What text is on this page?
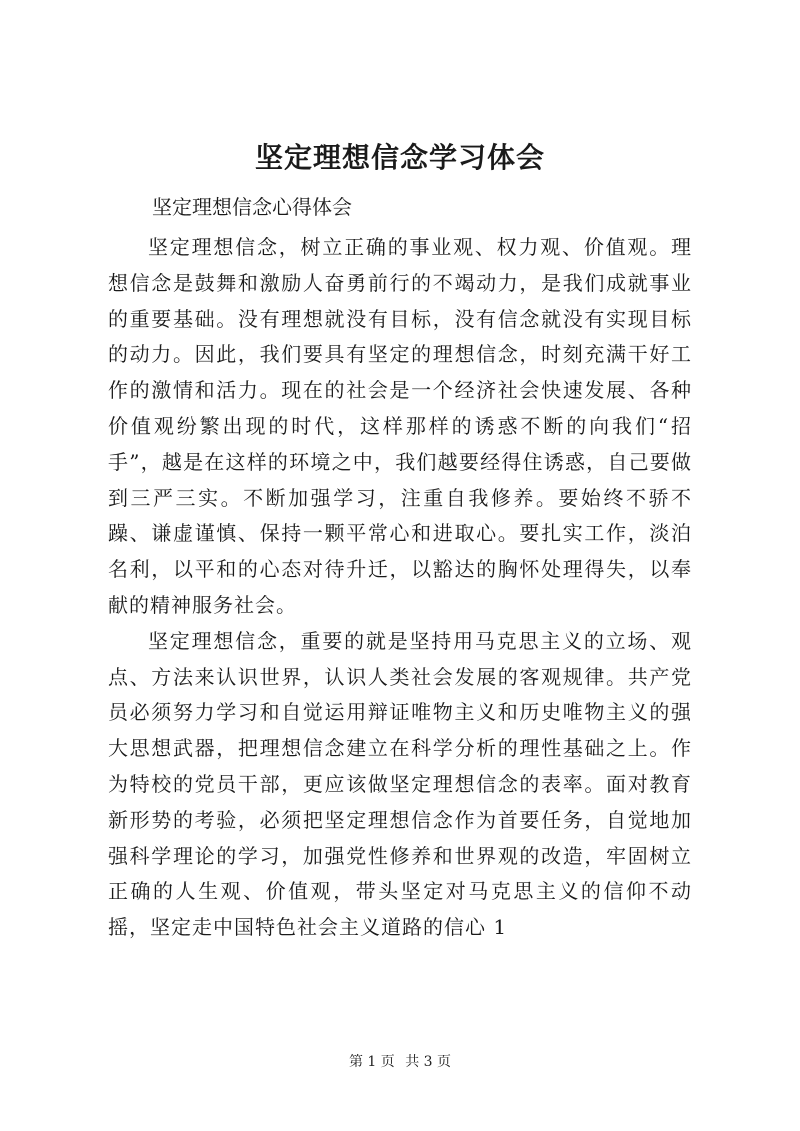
坚定理想信念学习体会

坚定理想信念心得体会

坚定理想信念，树立正确的事业观、权力观、价值观。理想信念是鼓舞和激励人奋勇前行的不竭动力，是我们成就事业的重要基础。没有理想就没有目标，没有信念就没有实现目标的动力。因此，我们要具有坚定的理想信念，时刻充满干好工作的激情和活力。现在的社会是一个经济社会快速发展、各种价值观纷繁出现的时代，这样那样的诱惑不断的向我们“招手”，越是在这样的环境之中，我们越要经得住诱惑，自己要做到三严三实。不断加强学习，注重自我修养。要始终不骄不躁、谦虚谨慎、保持一颗平常心和进取心。要扎实工作，淡泊名利，以平和的心态对待升迁，以豁达的胸怀处理得失，以奉献的精神服务社会。

坚定理想信念，重要的就是坚持用马克思主义的立场、观点、方法来认识世界，认识人类社会发展的客观规律。共产党员必须努力学习和自觉运用辩证唯物主义和历史唯物主义的强大思想武器，把理想信念建立在科学分析的理性基础之上。作为特校的党员干部，更应该做坚定理想信念的表率。面对教育新形势的考验，必须把坚定理想信念作为首要任务，自觉地加强科学理论的学习，加强党性修养和世界观的改造，牢固树立正确的人生观、价值观，带头坚定对马克思主义的信仰不动摇，坚定走中国特色社会主义道路的信心 1

第 1 页 共 3 页
